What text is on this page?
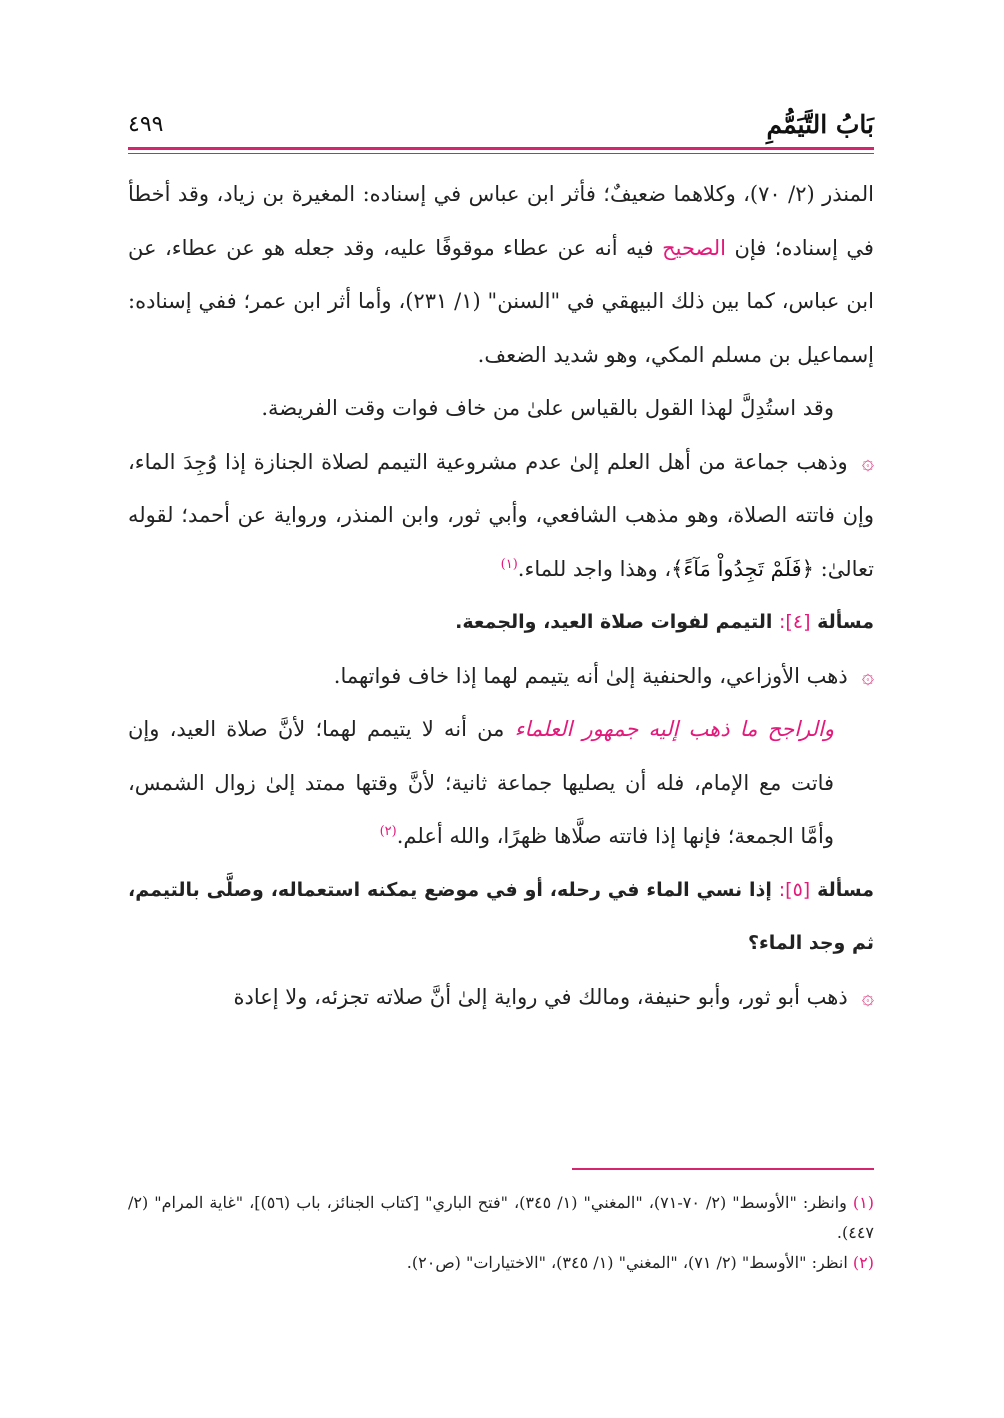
بَابُ التَّيَمُّمِ
٤٩٩

المنذر (٢/ ٧٠)، وكلاهما ضعيفٌ؛ فأثر ابن عباس في إسناده: المغيرة بن زياد، وقد أخطأ في إسناده؛ فإن الصحيح فيه أنه عن عطاء موقوفًا عليه، وقد جعله هو عن عطاء، عن ابن عباس، كما بين ذلك البيهقي في "السنن" (١/ ٢٣١)، وأما أثر ابن عمر؛ ففي إسناده: إسماعيل بن مسلم المكي، وهو شديد الضعف.

وقد استُدِلَّ لهذا القول بالقياس علىٰ من خاف فوات وقت الفريضة.

۞وذهب جماعة من أهل العلم إلىٰ عدم مشروعية التيمم لصلاة الجنازة إذا وُجِدَ الماء، وإن فاتته الصلاة، وهو مذهب الشافعي، وأبي ثور، وابن المنذر، ورواية عن أحمد؛ لقوله تعالىٰ: ﴿فَلَمْ تَجِدُواْ مَآءً﴾، وهذا واجد للماء.$^{(١)}$

مسألة [٤]: التيمم لفوات صلاة العيد، والجمعة.

۞ذهب الأوزاعي، والحنفية إلىٰ أنه يتيمم لهما إذا خاف فواتهما.

والراجح ما ذهب إليه جمهور العلماء من أنه لا يتيمم لهما؛ لأنَّ صلاة العيد، وإن فاتت مع الإمام، فله أن يصليها جماعة ثانية؛ لأنَّ وقتها ممتد إلىٰ زوال الشمس، وأمَّا الجمعة؛ فإنها إذا فاتته صلَّاها ظهرًا، والله أعلم.$^{(٢)}$

مسألة [٥]: إذا نسي الماء في رحله، أو في موضع يمكنه استعماله، وصلَّى بالتيمم، ثم وجد الماء؟

۞ذهب أبو ثور، وأبو حنيفة، ومالك في رواية إلىٰ أنَّ صلاته تجزئه، ولا إعادة

(١) وانظر: "الأوسط" (٢/ ٧٠-٧١)، "المغني" (١/ ٣٤٥)، "فتح الباري" [كتاب الجنائز، باب (٥٦)]، "غاية المرام" (٢/ ٤٤٧).

(٢) انظر: "الأوسط" (٢/ ٧١)، "المغني" (١/ ٣٤٥)، "الاختيارات" (ص٢٠).
